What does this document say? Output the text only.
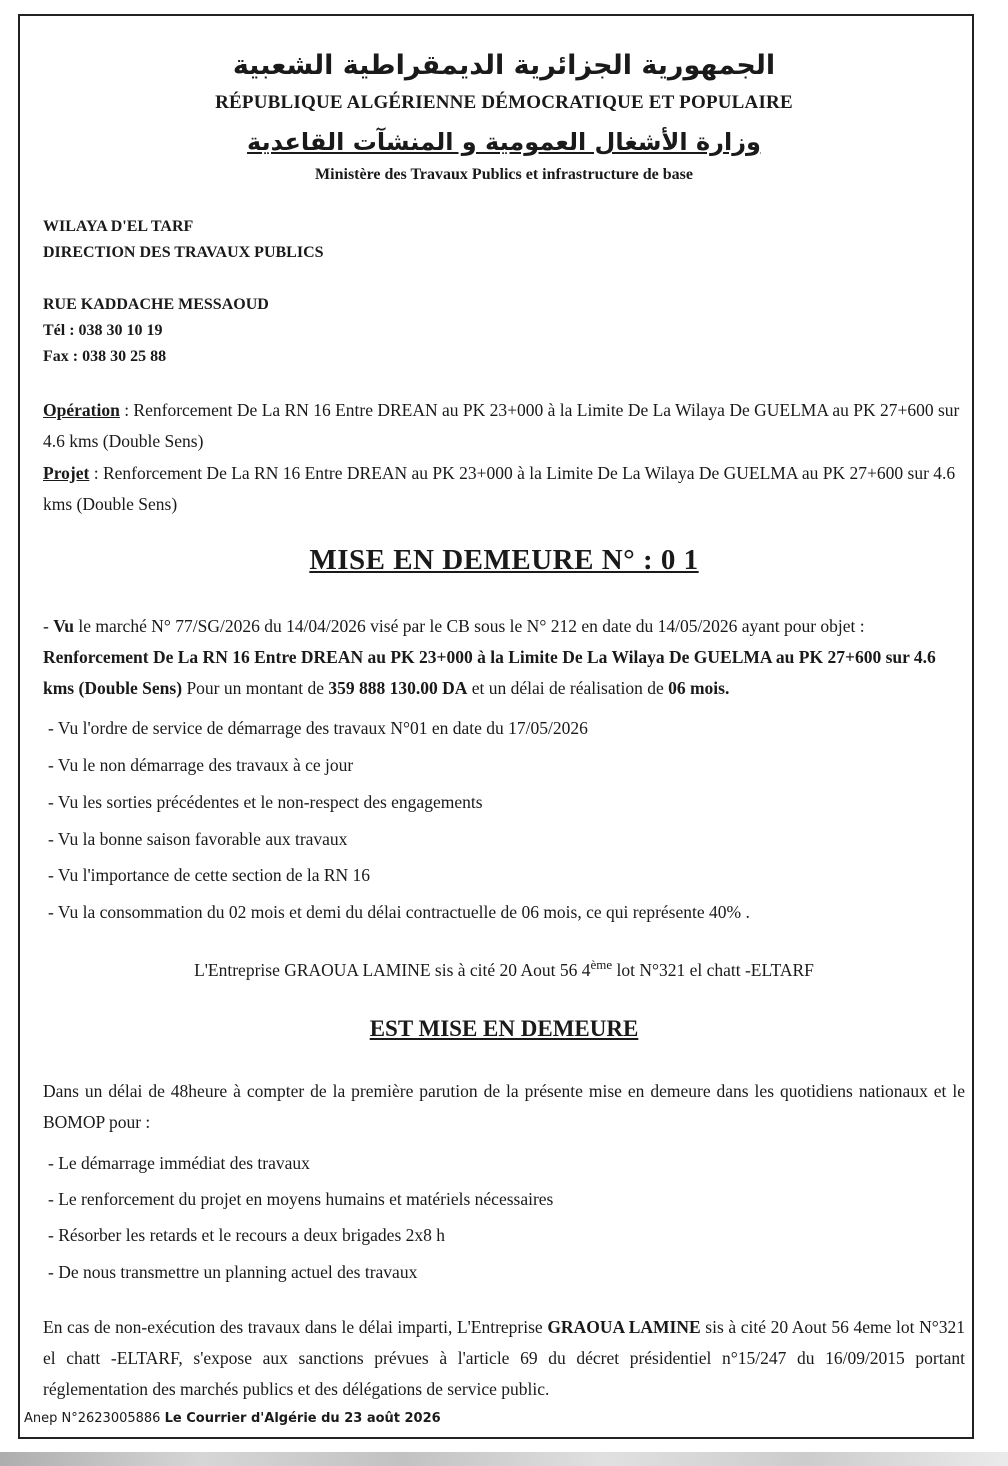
الجمهورية الجزائرية الديمقراطية الشعبية
RÉPUBLIQUE ALGÉRIENNE DÉMOCRATIQUE ET POPULAIRE
وزارة الأشغال العمومية و المنشآت القاعدية
Ministère des Travaux Publics et infrastructure de base
WILAYA D'EL TARF
DIRECTION DES TRAVAUX PUBLICS
RUE KADDACHE MESSAOUD
Tél : 038 30 10 19
Fax : 038 30 25 88
Opération : Renforcement De La RN 16 Entre DREAN au PK 23+000 à la Limite De La Wilaya De GUELMA au PK 27+600 sur 4.6 kms (Double Sens)
Projet : Renforcement De La RN 16 Entre DREAN au PK 23+000 à la Limite De La Wilaya De GUELMA au PK 27+600 sur 4.6 kms (Double Sens)
MISE EN DEMEURE N° : 0 1
- Vu le marché N° 77/SG/2026 du 14/04/2026 visé par le CB sous le N° 212 en date du 14/05/2026 ayant pour objet : Renforcement De La RN 16 Entre DREAN au PK 23+000 à la Limite De La Wilaya De GUELMA au PK 27+600 sur 4.6 kms (Double Sens) Pour un montant de 359 888 130.00 DA et un délai de réalisation de 06 mois.
- Vu l'ordre de service de démarrage des travaux N°01 en date du 17/05/2026
- Vu le non démarrage des travaux à ce jour
- Vu les sorties précédentes et le non-respect des engagements
- Vu la bonne saison favorable aux travaux
- Vu l'importance de cette section de la RN 16
- Vu la consommation du 02 mois et demi du délai contractuelle de 06 mois, ce qui représente 40% .
L'Entreprise GRAOUA LAMINE sis à cité 20 Aout 56 4ème lot N°321 el chatt -ELTARF
EST MISE EN DEMEURE
Dans un délai de 48heure à compter de la première parution de la présente mise en demeure dans les quotidiens nationaux et le BOMOP pour :
- Le démarrage immédiat des travaux
- Le renforcement du projet en moyens humains et matériels nécessaires
- Résorber les retards et le recours a deux brigades 2x8 h
- De nous transmettre un planning actuel des travaux
En cas de non-exécution des travaux dans le délai imparti, L'Entreprise GRAOUA LAMINE sis à cité 20 Aout 56 4eme lot N°321 el chatt -ELTARF, s'expose aux sanctions prévues à l'article 69 du décret présidentiel n°15/247 du 16/09/2015 portant réglementation des marchés publics et des délégations de service public.
Anep N°2623005886 Le Courrier d'Algérie du 23 août 2026
